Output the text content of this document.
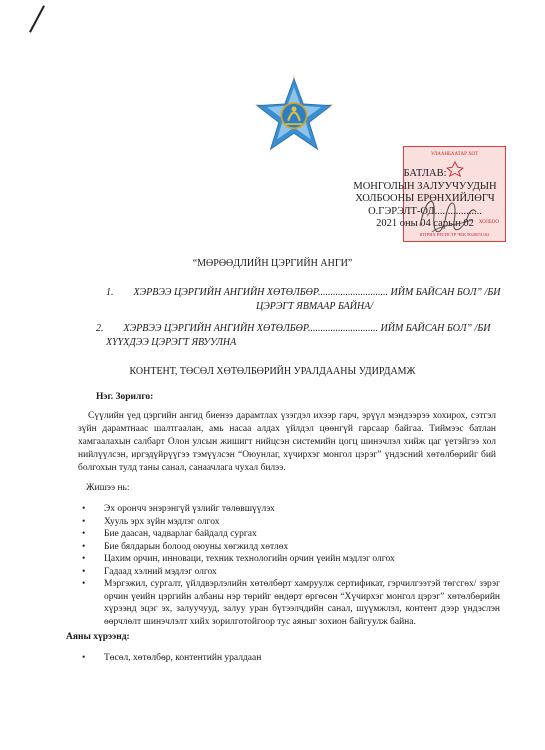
УЛААНБААТАР ХОТ
ХОЛБОО
ШТРИХ РЕГИСТР ЧЕК 9020051162
БАТЛАВ:
МОНГОЛЫН ЗАЛУУЧУУДЫН
ХОЛБООНЫ ЕРӨНХИЙЛӨГЧ
О.ГЭРЭЛТ-ОД..................
2021 оны 04 сарын 02
“МӨРӨӨДЛИЙН ЦЭРГИЙН АНГИ”
1. ХЭРВЭЭ ЦЭРГИЙН АНГИЙН ХӨТӨЛБӨР............................ ИЙМ БАЙСАН БОЛ” /БИ
ЦЭРЭГТ ЯВМААР БАЙНА/
2. ХЭРВЭЭ ЦЭРГИЙН АНГИЙН ХӨТӨЛБӨР............................ ИЙМ БАЙСАН БОЛ” /БИ
ХҮҮХДЭЭ ЦЭРЭГТ ЯВУУЛНА
КОНТЕНТ, ТӨСӨЛ ХӨТӨЛБӨРИЙН УРАЛДААНЫ УДИРДАМЖ
Нэг. Зорилго:
Сүүлийн үед цэргийн ангид биенээ дарамтлах үзэгдэл ихээр гарч, эрүүл мэндээрээ хохирох, сэтгэл зүйн дарамтнаас шалтгаалан, амь насаа алдах үйлдэл цөөнгүй гарсаар байгаа. Тиймээс батлан хамгаалахын салбарт Олон улсын жишигт нийцсэн системийн цогц шинэчлэл хийж цаг үетэйгээ хол нийлүүлсэн, иргэдүйрүүгээ тэмүүлсэн “Оюунлаг, хүчирхэг монгол цэрэг” үндэсний хөтөлбөрийг бий болгохын тулд таны санал, санаачлага чухал билээ.
Жишээ нь:
• Эх орончч энэрэнгүй үзлийг төлөвшүүлэх
• Хууль эрх зүйн мэдлэг олгох
• Бие даасан, чадварлаг байдалд сургах
• Бие бялдарын болоод оюуны хөгжилд хөтлөх
• Цахим орчин, инноваци, техник технологийн орчин үеийн мэдлэг олгох
• Гадаад хэлний мэдлэг олгох
• Мэргэжил, сургалт, үйлдвэрлэлийн хөтөлбөрт хамруулж сертификат, гэрчилгээтэй төгсгөх/ зэрэг орчин үеийн цэргийн албаны нэр төрийг өндөрт өргөсөн “Хүчирхэг монгол цэрэг” хөтөлбөрийн хүрээнд эцэг эх, залуучууд, залуу уран бүтээлчдийн санал, шүүмжлэл, контент дээр үндэслэн өөрчлөлт шинэчлэлт хийх зорилготойгоор тус аяныг зохион байгуулж байна.
Аяны хүрээнд:
• Төсөл, хөтөлбөр, контентийн уралдаан
